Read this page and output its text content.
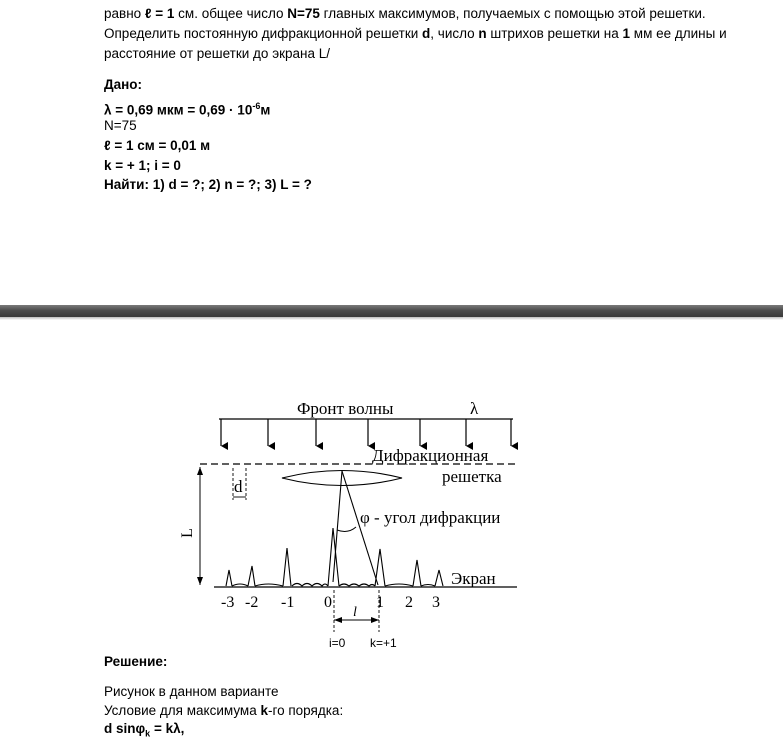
равно ℓ = 1 см. общее число N=75 главных максимумов, получаемых с помощью этой решетки.
Определить постоянную дифракционной решетки d, число n штрихов решетки на 1 мм ее длины и
расстояние от решетки до экрана L/
Дано:
λ = 0,69 мкм = $0,69 \cdot 10^{-6}м$
N=75
ℓ = 1 см = 0,01 м
k = + 1; i = 0
Найти: 1) d = ?; 2) n = ?; 3) L = ?
Фронт волны	λ
Дифракционная
решетка
d
L
φ - угол дифракции
Экран
-3 -2 -1 0	1 2 3
l
i=0 k=+1
Решение:
Рисунок в данном варианте
Условие для максимума k-го порядка:
d sinφ$_k$ = kλ,
